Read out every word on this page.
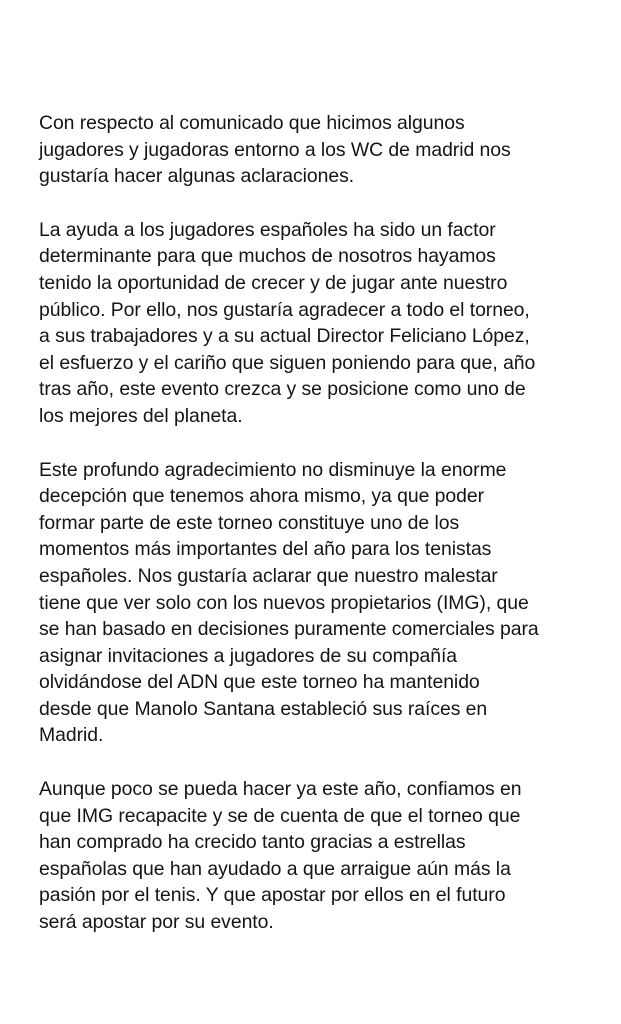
Con respecto al comunicado que hicimos algunos
jugadores y jugadoras entorno a los WC de madrid nos
gustaría hacer algunas aclaraciones.

La ayuda a los jugadores españoles ha sido un factor
determinante para que muchos de nosotros hayamos
tenido la oportunidad de crecer y de jugar ante nuestro
público. Por ello, nos gustaría agradecer a todo el torneo,
a sus trabajadores y a su actual Director Feliciano López,
el esfuerzo y el cariño que siguen poniendo para que, año
tras año, este evento crezca y se posicione como uno de
los mejores del planeta.

Este profundo agradecimiento no disminuye la enorme
decepción que tenemos ahora mismo, ya que poder
formar parte de este torneo constituye uno de los
momentos más importantes del año para los tenistas
españoles. Nos gustaría aclarar que nuestro malestar
tiene que ver solo con los nuevos propietarios (IMG), que
se han basado en decisiones puramente comerciales para
asignar invitaciones a jugadores de su compañía
olvidándose del ADN que este torneo ha mantenido
desde que Manolo Santana estableció sus raíces en
Madrid.

Aunque poco se pueda hacer ya este año, confiamos en
que IMG recapacite y se de cuenta de que el torneo que
han comprado ha crecido tanto gracias a estrellas
españolas que han ayudado a que arraigue aún más la
pasión por el tenis. Y que apostar por ellos en el futuro
será apostar por su evento.
